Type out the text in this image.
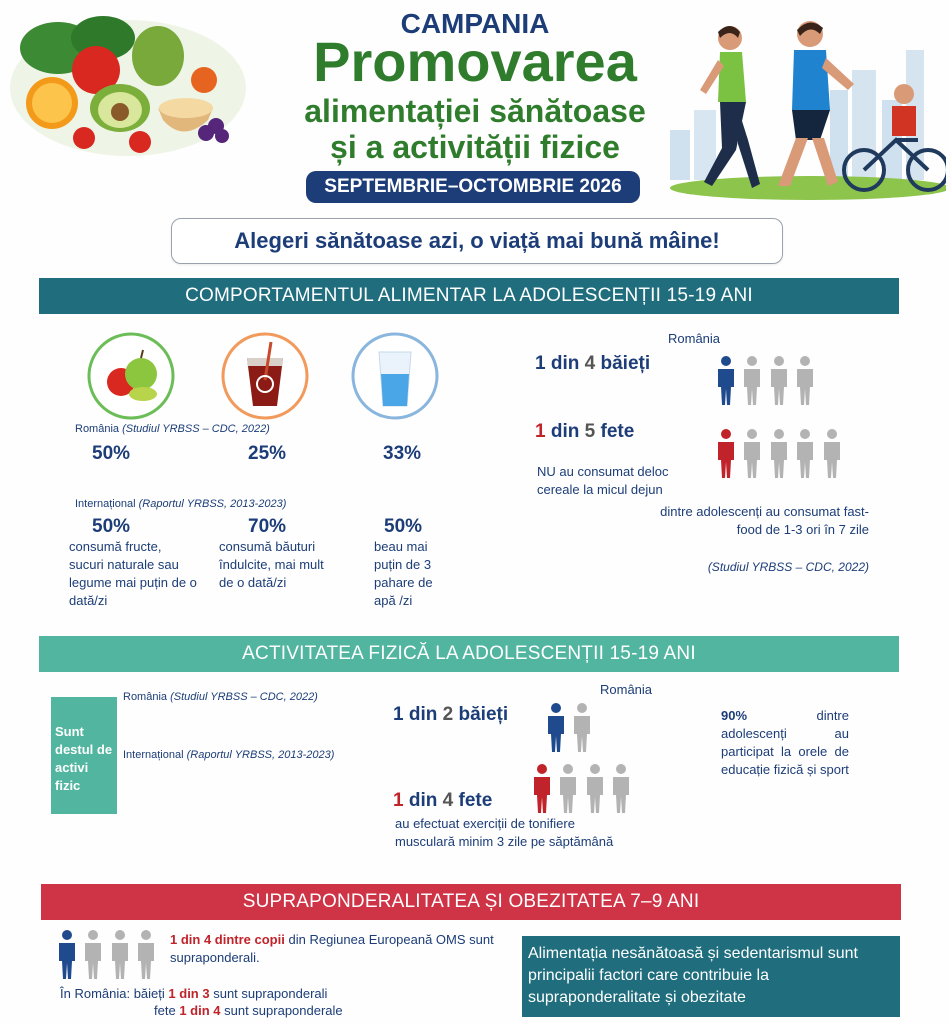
CAMPANIA
Promovarea
alimentației sănătoase
și a activității fizice
SEPTEMBRIE–OCTOMBRIE 2026
Alegeri sănătoase azi, o viață mai bună mâine!
COMPORTAMENTUL ALIMENTAR LA ADOLESCENȚII 15-19 ANI
România (Studiul YRBSS – CDC, 2022)
50%	25%	33%
Internațional (Raportul YRBSS, 2013-2023)
50%	70%	50%
consumă fructe, sucuri naturale sau legume mai puțin de o dată/zi
consumă băuturi îndulcite, mai mult de o dată/zi
beau mai puțin de 3 pahare de apă /zi
România
1 din 4 băieți

1 din 5 fete

NU au consumat deloc cereale la micul dejun
dintre adolescenți au consumat fast-food de 1-3 ori în 7 zile
(Studiul YRBSS – CDC, 2022)
ACTIVITATEA FIZICĂ LA ADOLESCENȚII 15-19 ANI
Sunt destul de activi fizic
România (Studiul YRBSS – CDC, 2022)
Internațional (Raportul YRBSS, 2013-2023)
România
1 din 2 băieți

1 din 4 fete
au efectuat exerciții de tonifiere musculară minim 3 zile pe săptămână
90%	dintre adolescenți au participat la orele de educație fizică și sport
SUPRAPONDERALITATEA ȘI OBEZITATEA 7–9 ANI

1 din 4 dintre copii din Regiunea Europeană OMS sunt supraponderali.
În România: băieți 1 din 3 sunt supraponderali
fete 1 din 4 sunt supraponderale
Alimentația nesănătoasă și sedentarismul sunt principalii factori care contribuie la supraponderalitate și obezitate
